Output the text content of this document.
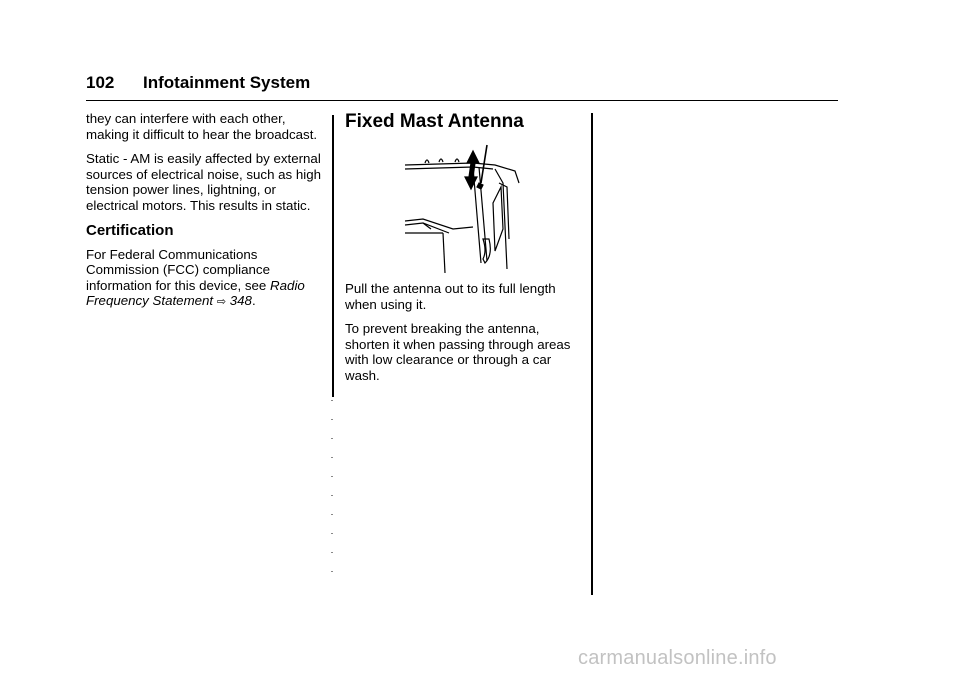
102 Infotainment System

they can interfere with each other, making it difficult to hear the broadcast.

Static - AM is easily affected by external sources of electrical noise, such as high tension power lines, lightning, or electrical motors. This results in static.

Certification

For Federal Communications Commission (FCC) compliance information for this device, see Radio Frequency Statement ⇨ 348.

Fixed Mast Antenna

Pull the antenna out to its full length when using it.

To prevent breaking the antenna, shorten it when passing through areas with low clearance or through a car wash.

carmanualsonline.info
